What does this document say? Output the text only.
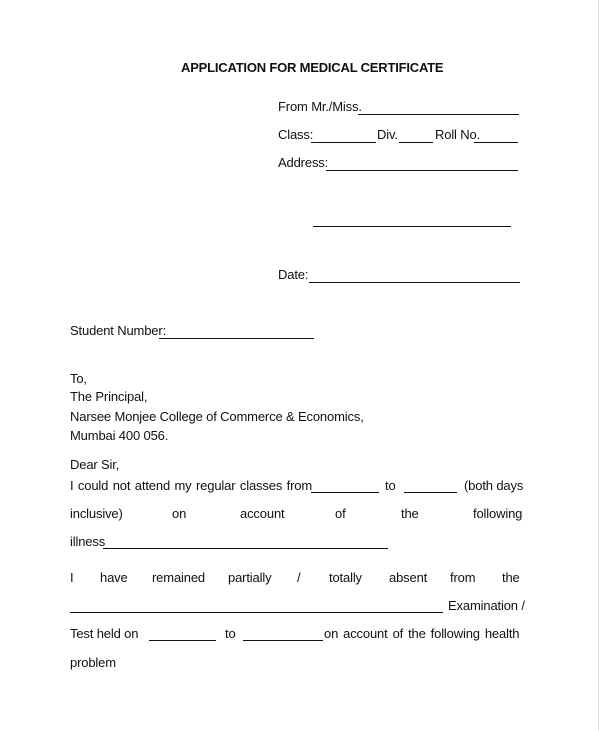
APPLICATION FOR MEDICAL CERTIFICATE
From Mr./Miss.
Class:	Div.	Roll No.
Address:
Date:
Student Number:
To,
The Principal,
Narsee Monjee College of Commerce & Economics,
Mumbai 400 056.
Dear Sir,
I could not attend my regular classes from	to	(both days
inclusive)	on	account	of	the	following
illness
I have remained partially / totally absent from the
Examination /
Test held on	to	on account of the following health
problem
